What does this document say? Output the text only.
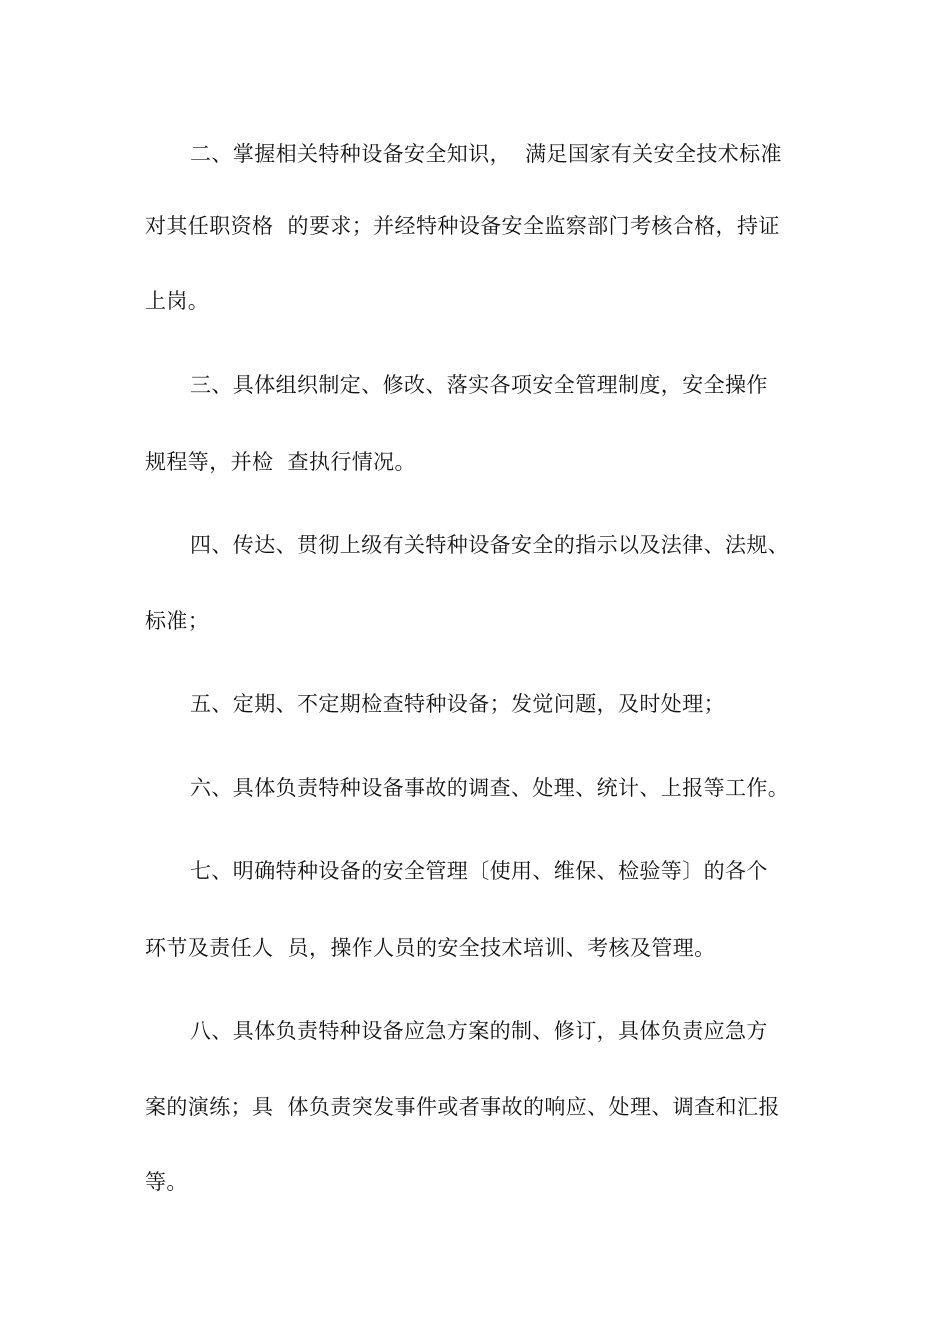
二、掌握相关特种设备安全知识，  满足国家有关安全技术标准
对其任职资格  的要求；并经特种设备安全监察部门考核合格，持证
上岗。
三、具体组织制定、修改、落实各项安全管理制度，安全操作
规程等，并检  查执行情况。
四、传达、贯彻上级有关特种设备安全的指示以及法律、法规、
标准；
五、定期、不定期检查特种设备；发觉问题，及时处理；
六、具体负责特种设备事故的调查、处理、统计、上报等工作。
七、明确特种设备的安全管理〔使用、维保、检验等〕的各个
环节及责任人  员，操作人员的安全技术培训、考核及管理。
八、具体负责特种设备应急方案的制、修订，具体负责应急方
案的演练；具  体负责突发事件或者事故的响应、处理、调查和汇报
等。
